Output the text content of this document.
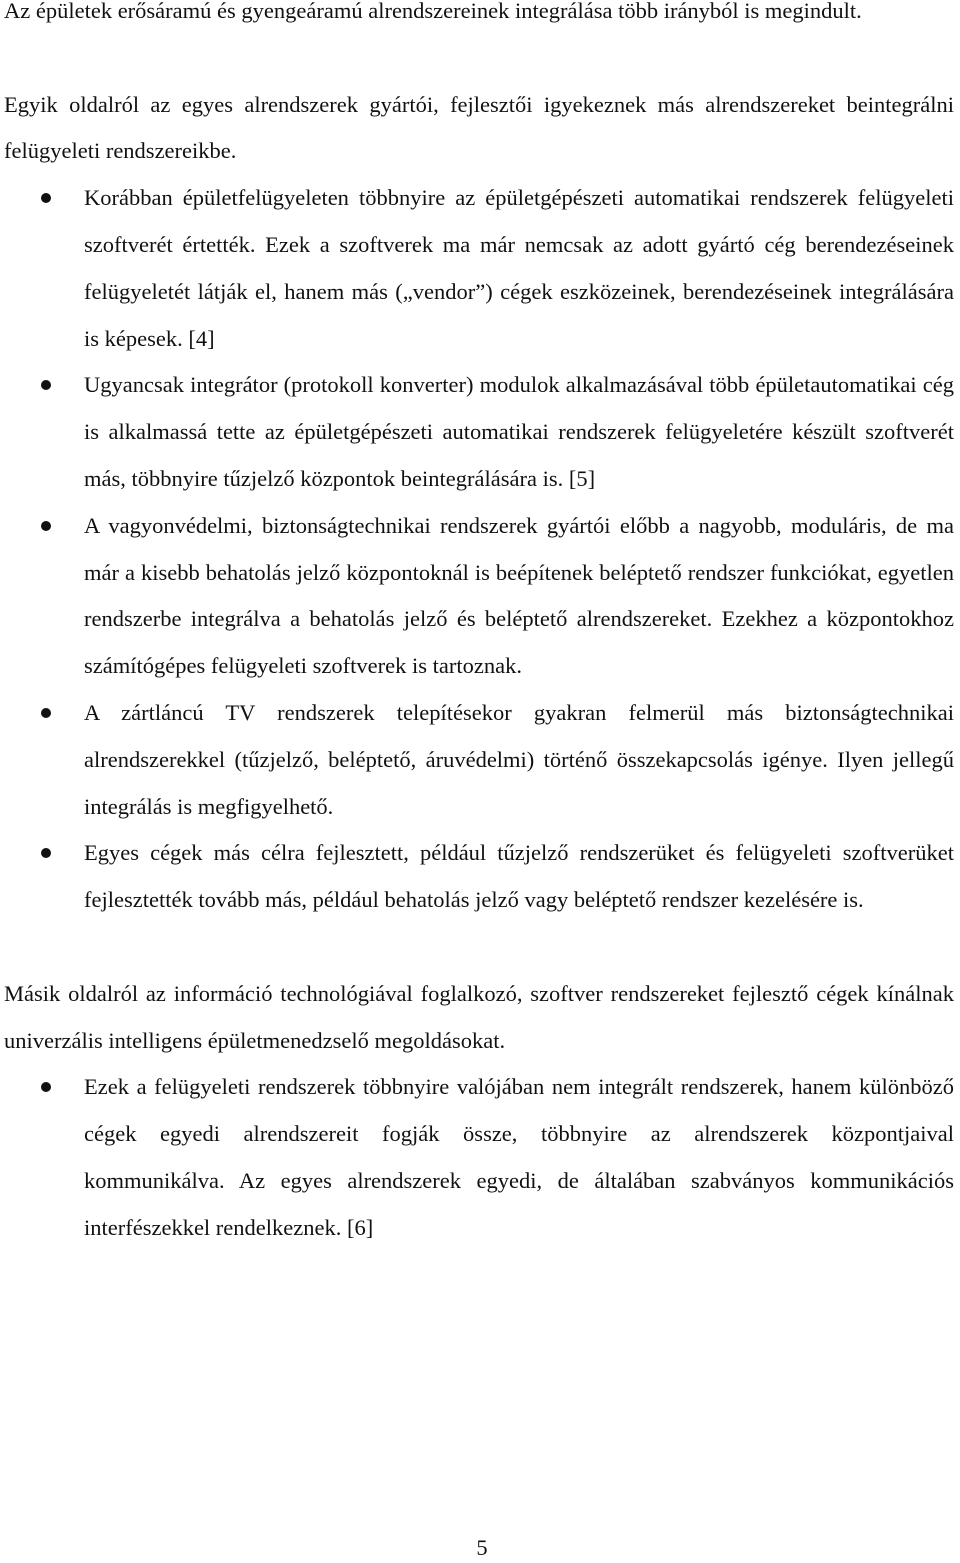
Az épületek erősáramú és gyengeáramú alrendszereinek integrálása több irányból is megindult.

Egyik oldalról az egyes alrendszerek gyártói, fejlesztői igyekeznek más alrendszereket beintegrálni felügyeleti rendszereikbe.

Korábban épületfelügyeleten többnyire az épületgépészeti automatikai rendszerek felügyeleti szoftverét értették. Ezek a szoftverek ma már nemcsak az adott gyártó cég berendezéseinek felügyeletét látják el, hanem más („vendor”) cégek eszközeinek, berendezéseinek integrálására is képesek. [4]
Ugyancsak integrátor (protokoll konverter) modulok alkalmazásával több épületautomatikai cég is alkalmassá tette az épületgépészeti automatikai rendszerek felügyeletére készült szoftverét más, többnyire tűzjelző központok beintegrálására is. [5]
A vagyonvédelmi, biztonságtechnikai rendszerek gyártói előbb a nagyobb, moduláris, de ma már a kisebb behatolás jelző központoknál is beépítenek beléptető rendszer funkciókat, egyetlen rendszerbe integrálva a behatolás jelző és beléptető alrendszereket. Ezekhez a központokhoz számítógépes felügyeleti szoftverek is tartoznak.
A zártláncú TV rendszerek telepítésekor gyakran felmerül más biztonságtechnikai alrendszerekkel (tűzjelző, beléptető, áruvédelmi) történő összekapcsolás igénye. Ilyen jellegű integrálás is megfigyelhető.
Egyes cégek más célra fejlesztett, például tűzjelző rendszerüket és felügyeleti szoftverüket fejlesztették tovább más, például behatolás jelző vagy beléptető rendszer kezelésére is.

Másik oldalról az információ technológiával foglalkozó, szoftver rendszereket fejlesztő cégek kínálnak univerzális intelligens épületmenedzselő megoldásokat.

Ezek a felügyeleti rendszerek többnyire valójában nem integrált rendszerek, hanem különböző cégek egyedi alrendszereit fogják össze, többnyire az alrendszerek központjaival kommunikálva. Az egyes alrendszerek egyedi, de általában szabványos kommunikációs interfészekkel rendelkeznek. [6]
5
